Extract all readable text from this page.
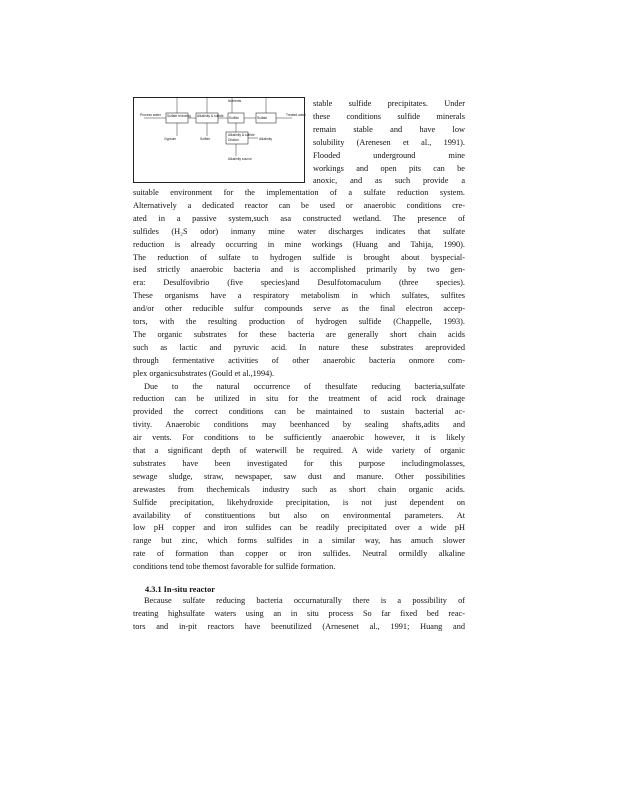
Process water Sulfate reducing Alkalinity & sulfide Sulfide	Sulfate
Alkalinity & sulfide
Dilution
Treated water
Gypsum	Sulfide	Alkalinity
Alkalinity source
Nutrients	stable sulfide precipitates. Under
these conditions sulfide minerals
remain stable and have low
solubility (Arenesen et al., 1991).
Flooded underground mine
workings and open pits can be
anoxic, and as such provide a
suitable environment for the implementation of a sulfate reduction system.
Alternatively a dedicated reactor can be used or anaerobic conditions cre-
ated in a passive system,such asa constructed wetland. The presence of
sulfides (H₂S odor) inmany mine water discharges indicates that sulfate
reduction is already occurring in mine workings (Huang and Tahija, 1990).
The reduction of sulfate to hydrogen sulfide is brought about byspecial-
ised strictly anaerobic bacteria and is accomplished primarily by two gen-
era: Desulfovibrio (five species)and Desulfotomaculum (three species).
These organisms have a respiratory metabolism in which sulfates, sulfites
and/or other reducible sulfur compounds serve as the final electron accep-
tors, with the resulting production of hydrogen sulfide (Chappelle, 1993).
The organic substrates for these bacteria are generally short chain acids
such as lactic and pyruvic acid. In nature these substrates areprovided
through fermentative activities of other anaerobic bacteria onmore com-
plex organicsubstrates (Gould et al.,1994).
Due to the natural occurrence of thesulfate reducing bacteria,sulfate
reduction can be utilized in situ for the treatment of acid rock drainage
provided the correct conditions can be maintained to sustain bacterial ac-
tivity. Anaerobic conditions may beenhanced by sealing shafts,adits and
air vents. For conditions to be sufficiently anaerobic however, it is likely
that a significant depth of waterwill be required. A wide variety of organic
substrates have been investigated for this purpose includingmolasses,
sewage sludge, straw, newspaper, saw dust and manure. Other possibilities
arewastes from thechemicals industry such as short chain organic acids.
Sulfide precipitation, likehydroxide precipitation, is not just dependent on
availability of constituentions but also on environmental parameters. At
low pH copper and iron sulfides can be readily precipitated over a wide pH
range but zinc, which forms sulfides in a similar way, has amuch slower
rate of formation than copper or iron sulfides. Neutral ormildly alkaline
conditions tend tobe themost favorable for sulfide formation.
4.3.1 In-situ reactor
Because sulfate reducing bacteria occurnaturally there is a possibility of
treating highsulfate waters using an in situ process So far fixed bed reac-
tors and in-pit reactors have beenutilized (Arnesenet al., 1991; Huang and
